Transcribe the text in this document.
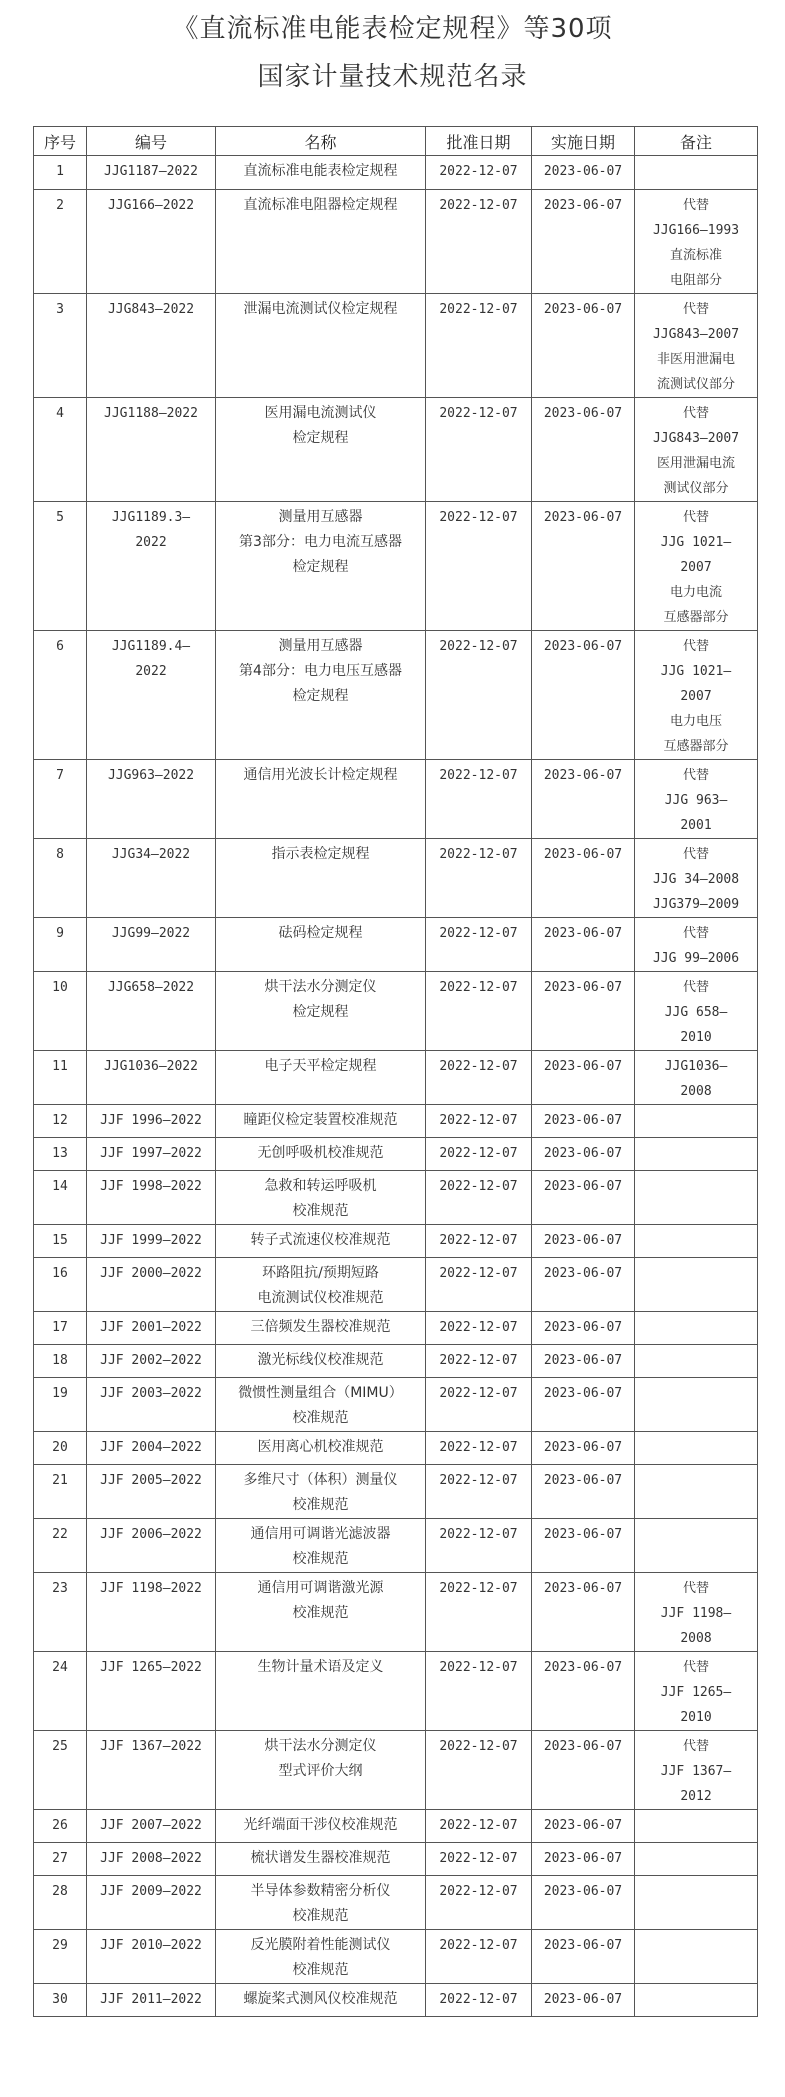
《直流标准电能表检定规程》等30项
国家计量技术规范名录
序号	编号	名称	批准日期	实施日期	备注
1	JJG1187—2022	直流标准电能表检定规程	2022-12-07	2023-06-07	
2	JJG166—2022	直流标准电阻器检定规程	2022-12-07	2023-06-07	代替
JJG166—1993
直流标准
电阻部分

3	JJG843—2022	泄漏电流测试仪检定规程	2022-12-07	2023-06-07	代替
JJG843—2007
非医用泄漏电
流测试仪部分

4	JJG1188—2022	医用漏电流测试仪
检定规程	2022-12-07	2023-06-07	代替
JJG843—2007
医用泄漏电流
测试仪部分

5	JJG1189.3—
2022	测量用互感器
第3部分：电力电流互感器
检定规程	2022-12-07	2023-06-07	代替
JJG 1021—
2007
电力电流
互感器部分

6	JJG1189.4—
2022	测量用互感器
第4部分：电力电压互感器
检定规程	2022-12-07	2023-06-07	代替
JJG 1021—
2007
电力电压
互感器部分

7	JJG963—2022	通信用光波长计检定规程	2022-12-07	2023-06-07	代替
JJG 963—
2001

8	JJG34—2022	指示表检定规程	2022-12-07	2023-06-07	代替
JJG 34—2008
JJG379—2009

9	JJG99—2022	砝码检定规程	2022-12-07	2023-06-07	代替
JJG 99—2006

10	JJG658—2022	烘干法水分测定仪
检定规程	2022-12-07	2023-06-07	代替
JJG 658—
2010

11	JJG1036—2022	电子天平检定规程	2022-12-07	2023-06-07	JJG1036—
2008

12	JJF 1996—2022	瞳距仪检定装置校准规范	2022-12-07	2023-06-07	
13	JJF 1997—2022	无创呼吸机校准规范	2022-12-07	2023-06-07	
14	JJF 1998—2022	急救和转运呼吸机
校准规范	2022-12-07	2023-06-07	
15	JJF 1999—2022	转子式流速仪校准规范	2022-12-07	2023-06-07	
16	JJF 2000—2022	环路阻抗/预期短路
电流测试仪校准规范	2022-12-07	2023-06-07	
17	JJF 2001—2022	三倍频发生器校准规范	2022-12-07	2023-06-07	
18	JJF 2002—2022	激光标线仪校准规范	2022-12-07	2023-06-07	
19	JJF 2003—2022	微惯性测量组合（MIMU）
校准规范	2022-12-07	2023-06-07	
20	JJF 2004—2022	医用离心机校准规范	2022-12-07	2023-06-07	
21	JJF 2005—2022	多维尺寸（体积）测量仪
校准规范	2022-12-07	2023-06-07	
22	JJF 2006—2022	通信用可调谐光滤波器
校准规范	2022-12-07	2023-06-07	
23	JJF 1198—2022	通信用可调谐激光源
校准规范	2022-12-07	2023-06-07	代替
JJF 1198—
2008

24	JJF 1265—2022	生物计量术语及定义	2022-12-07	2023-06-07	代替
JJF 1265—
2010

25	JJF 1367—2022	烘干法水分测定仪
型式评价大纲	2022-12-07	2023-06-07	代替
JJF 1367—
2012

26	JJF 2007—2022	光纤端面干涉仪校准规范	2022-12-07	2023-06-07	
27	JJF 2008—2022	梳状谱发生器校准规范	2022-12-07	2023-06-07	
28	JJF 2009—2022	半导体参数精密分析仪
校准规范	2022-12-07	2023-06-07	
29	JJF 2010—2022	反光膜附着性能测试仪
校准规范	2022-12-07	2023-06-07	
30	JJF 2011—2022	螺旋桨式测风仪校准规范	2022-12-07	2023-06-07	
